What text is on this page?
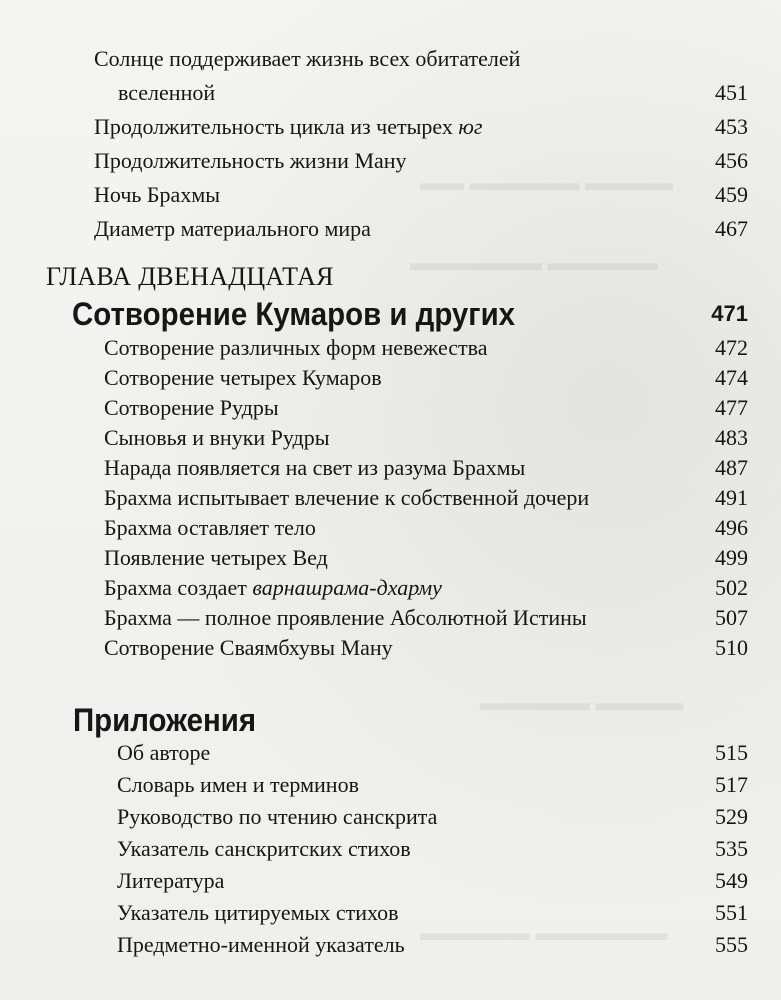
▬▬▬▬ ▬▬▬▬▬ ▬▬
▬▬▬▬▬ ▬▬▬▬▬▬
▬▬▬▬ ▬▬▬▬▬
▬▬▬▬▬▬ ▬▬▬▬▬
Солнце поддерживает жизнь всех обитателей
вселенной	451
Продолжительность цикла из четырех юг	453
Продолжительность жизни Ману	456
Ночь Брахмы	459
Диаметр материального мира	467
ГЛАВА ДВЕНАДЦАТАЯ
Сотворение Кумаров и других	471
Сотворение различных форм невежества	472
Сотворение четырех Кумаров	474
Сотворение Рудры	477
Сыновья и внуки Рудры	483
Нарада появляется на свет из разума Брахмы	487
Брахма испытывает влечение к собственной дочери	491
Брахма оставляет тело	496
Появление четырех Вед	499
Брахма создает варнашрама-дхарму	502
Брахма — полное проявление Абсолютной Истины	507
Сотворение Сваямбхувы Ману	510
Приложения
Об авторе	515
Словарь имен и терминов	517
Руководство по чтению санскрита	529
Указатель санскритских стихов	535
Литература	549
Указатель цитируемых стихов	551
Предметно-именной указатель	555
